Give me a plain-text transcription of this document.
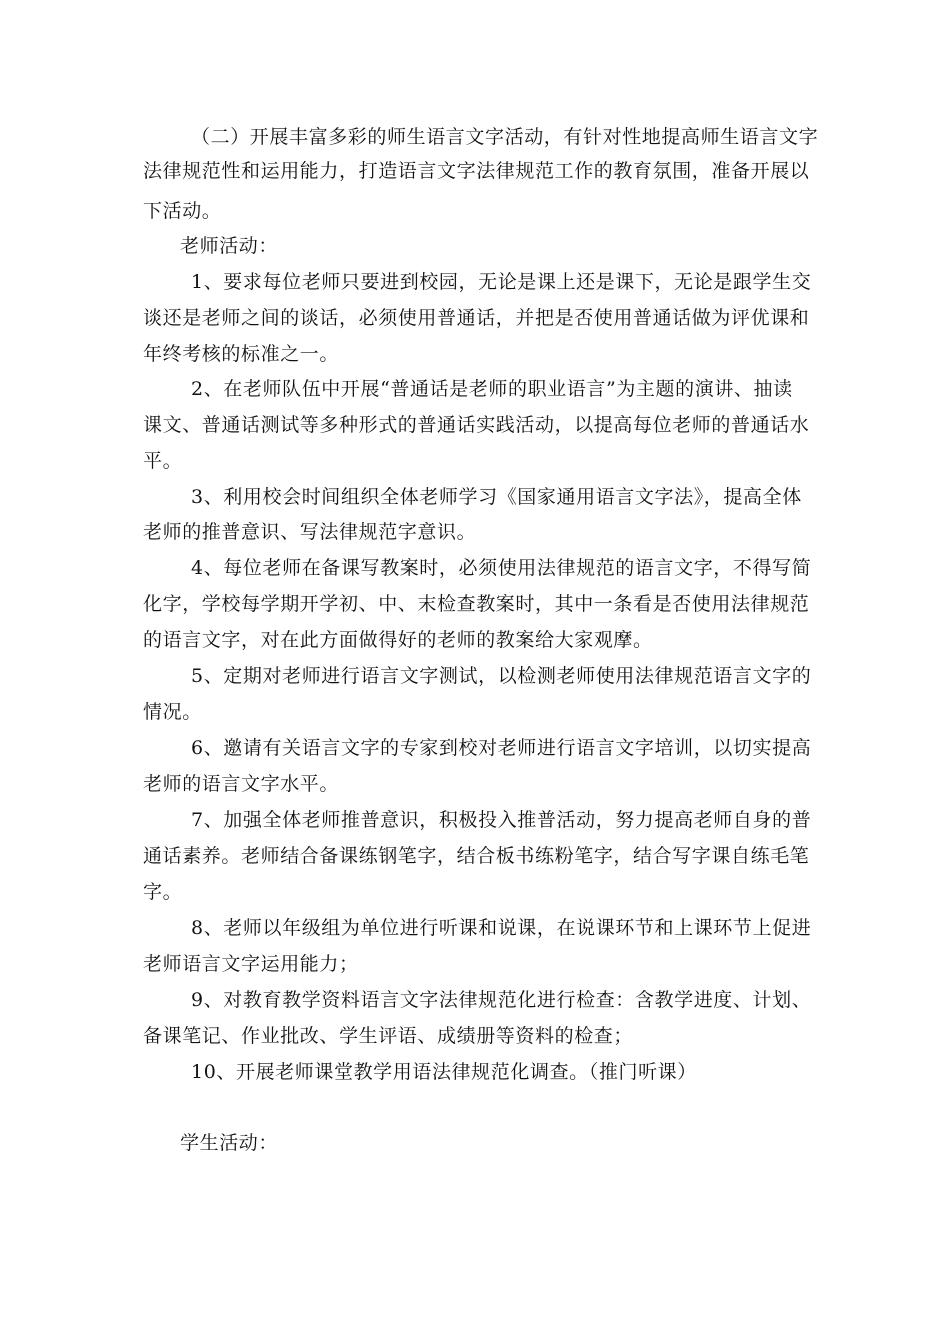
（二）开展丰富多彩的师生语言文字活动，有针对性地提高师生语言文字
法律规范性和运用能力，打造语言文字法律规范工作的教育氛围，准备开展以
下活动。
老师活动：
1、要求每位老师只要进到校园，无论是课上还是课下，无论是跟学生交
谈还是老师之间的谈话，必须使用普通话，并把是否使用普通话做为评优课和
年终考核的标准之一。
2、在老师队伍中开展“普通话是老师的职业语言”为主题的演讲、抽读
课文、普通话测试等多种形式的普通话实践活动，以提高每位老师的普通话水
平。
3、利用校会时间组织全体老师学习《国家通用语言文字法》，提高全体
老师的推普意识、写法律规范字意识。
4、每位老师在备课写教案时，必须使用法律规范的语言文字，不得写简
化字，学校每学期开学初、中、末检查教案时，其中一条看是否使用法律规范
的语言文字，对在此方面做得好的老师的教案给大家观摩。
5、定期对老师进行语言文字测试，以检测老师使用法律规范语言文字的
情况。
6、邀请有关语言文字的专家到校对老师进行语言文字培训，以切实提高
老师的语言文字水平。
7、加强全体老师推普意识，积极投入推普活动，努力提高老师自身的普
通话素养。老师结合备课练钢笔字，结合板书练粉笔字，结合写字课自练毛笔
字。
8、老师以年级组为单位进行听课和说课，在说课环节和上课环节上促进
老师语言文字运用能力；
9、对教育教学资料语言文字法律规范化进行检查：含教学进度、计划、
备课笔记、作业批改、学生评语、成绩册等资料的检查；
10、开展老师课堂教学用语法律规范化调查。（推门听课）
学生活动：
